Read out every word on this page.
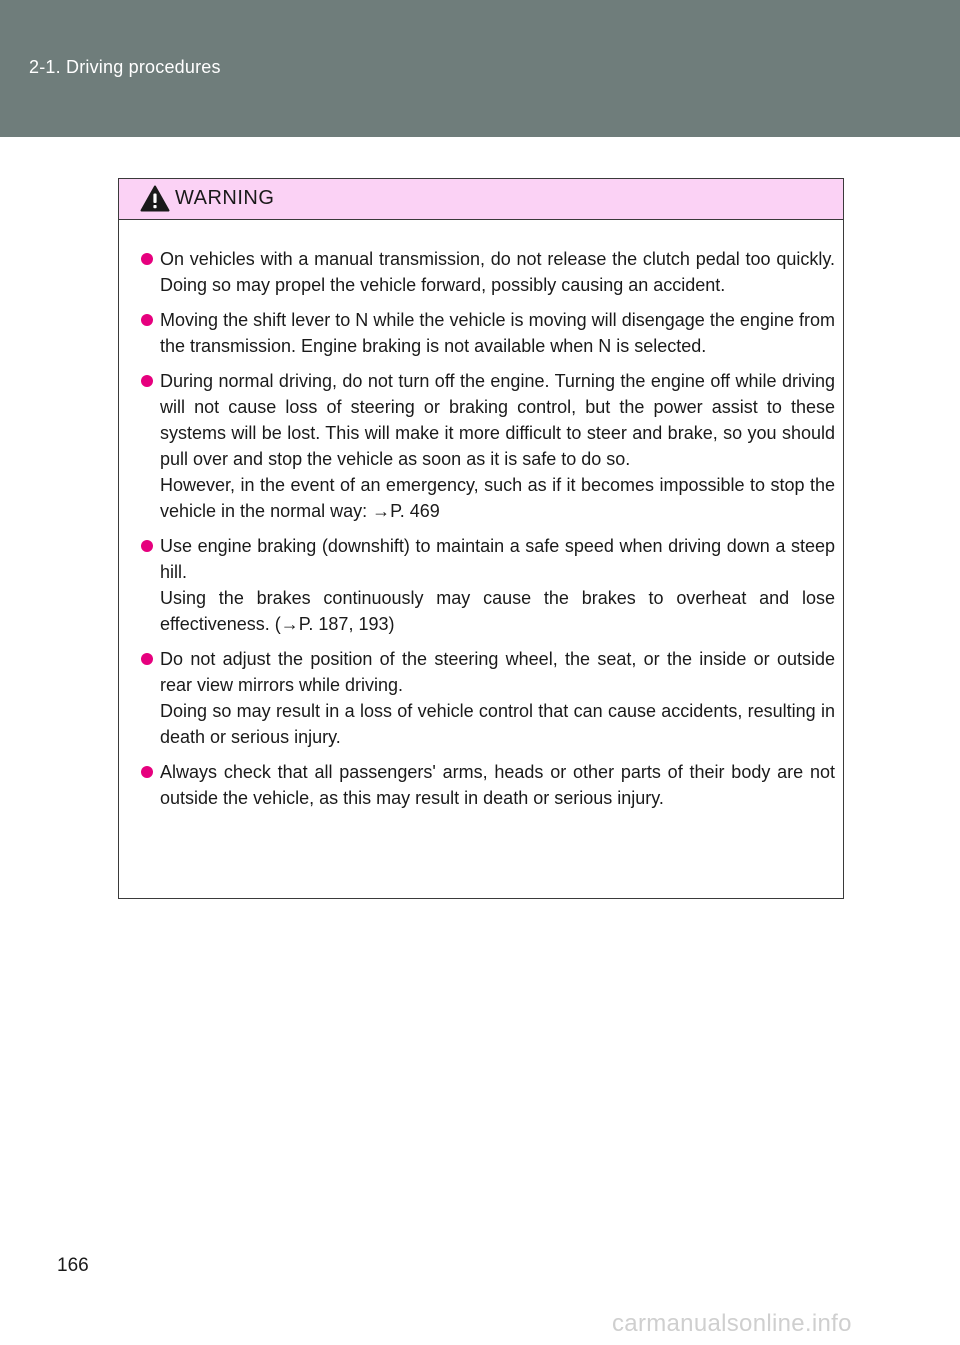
2-1. Driving procedures
WARNING
On vehicles with a manual transmission, do not release the clutch pedal too quickly. Doing so may propel the vehicle forward, possibly causing an accident.
Moving the shift lever to N while the vehicle is moving will disengage the engine from the transmission. Engine braking is not available when N is selected.
During normal driving, do not turn off the engine. Turning the engine off while driving will not cause loss of steering or braking control, but the power assist to these systems will be lost. This will make it more difficult to steer and brake, so you should pull over and stop the vehicle as soon as it is safe to do so.
However, in the event of an emergency, such as if it becomes impossible to stop the vehicle in the normal way: →P. 469
Use engine braking (downshift) to maintain a safe speed when driving down a steep hill.
Using the brakes continuously may cause the brakes to overheat and lose effectiveness. (→P. 187, 193)
Do not adjust the position of the steering wheel, the seat, or the inside or outside rear view mirrors while driving.
Doing so may result in a loss of vehicle control that can cause accidents, resulting in death or serious injury.
Always check that all passengers' arms, heads or other parts of their body are not outside the vehicle, as this may result in death or serious injury.
166
carmanualsonline.info
